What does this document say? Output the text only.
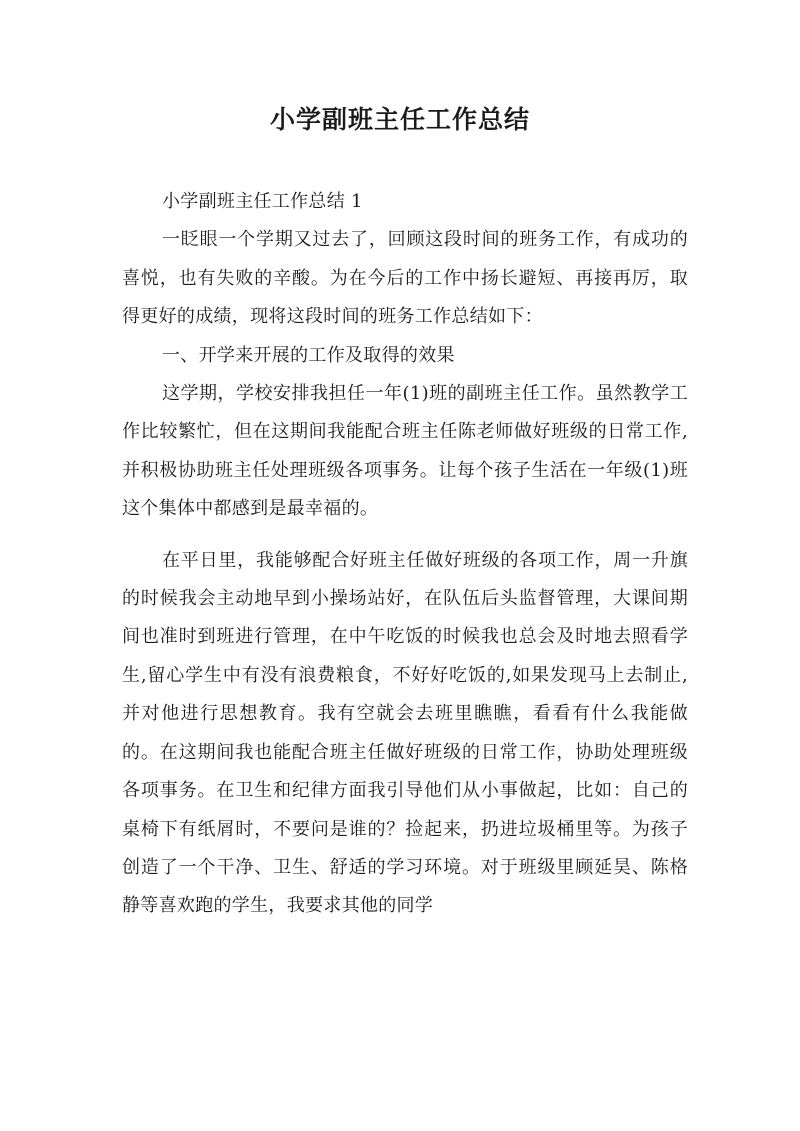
小学副班主任工作总结

小学副班主任工作总结 1

一眨眼一个学期又过去了，回顾这段时间的班务工作，有成功的喜悦，也有失败的辛酸。为在今后的工作中扬长避短、再接再厉，取得更好的成绩，现将这段时间的班务工作总结如下：

一、开学来开展的工作及取得的效果

这学期，学校安排我担任一年(1)班的副班主任工作。虽然教学工作比较繁忙，但在这期间我能配合班主任陈老师做好班级的日常工作,并积极协助班主任处理班级各项事务。让每个孩子生活在一年级(1)班这个集体中都感到是最幸福的。

在平日里，我能够配合好班主任做好班级的各项工作，周一升旗的时候我会主动地早到小操场站好，在队伍后头监督管理，大课间期间也准时到班进行管理，在中午吃饭的时候我也总会及时地去照看学生,留心学生中有没有浪费粮食，不好好吃饭的,如果发现马上去制止,并对他进行思想教育。我有空就会去班里瞧瞧，看看有什么我能做的。在这期间我也能配合班主任做好班级的日常工作，协助处理班级各项事务。在卫生和纪律方面我引导他们从小事做起，比如：自己的桌椅下有纸屑时，不要问是谁的？捡起来，扔进垃圾桶里等。为孩子创造了一个干净、卫生、舒适的学习环境。对于班级里顾延昊、陈格静等喜欢跑的学生，我要求其他的同学
